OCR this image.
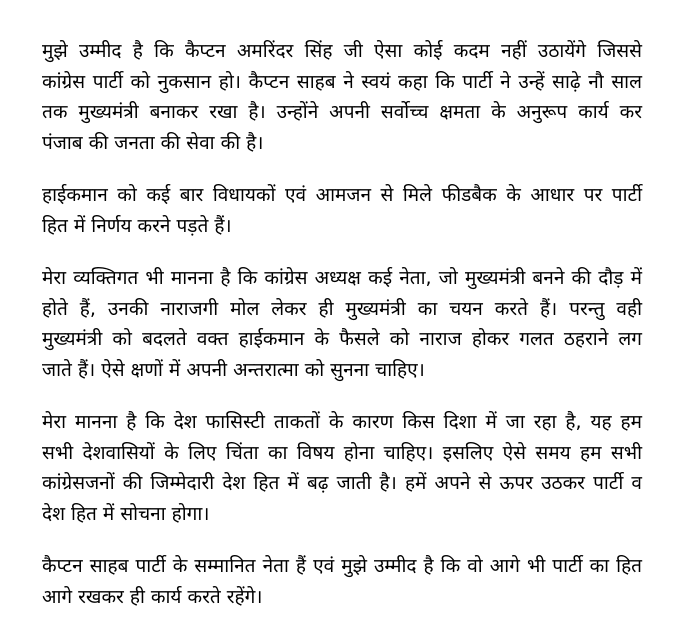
मुझे उम्मीद है कि कैप्टन अमरिंदर सिंह जी ऐसा कोई कदम नहीं उठायेंगे जिससे
कांग्रेस पार्टी को नुकसान हो। कैप्टन साहब ने स्वयं कहा कि पार्टी ने उन्हें साढ़े नौ साल
तक मुख्यमंत्री बनाकर रखा है। उन्होंने अपनी सर्वोच्च क्षमता के अनुरूप कार्य कर
पंजाब की जनता की सेवा की है।

हाईकमान को कई बार विधायकों एवं आमजन से मिले फीडबैक के आधार पर पार्टी
हित में निर्णय करने पड़ते हैं।

मेरा व्यक्तिगत भी मानना है कि कांग्रेस अध्यक्ष कई नेता, जो मुख्यमंत्री बनने की दौड़ में
होते हैं, उनकी नाराजगी मोल लेकर ही मुख्यमंत्री का चयन करते हैं। परन्तु वही
मुख्यमंत्री को बदलते वक्त हाईकमान के फैसले को नाराज होकर गलत ठहराने लग
जाते हैं। ऐसे क्षणों में अपनी अन्तरात्मा को सुनना चाहिए।

मेरा मानना है कि देश फासिस्टी ताकतों के कारण किस दिशा में जा रहा है, यह हम
सभी देशवासियों के लिए चिंता का विषय होना चाहिए। इसलिए ऐसे समय हम सभी
कांग्रेसजनों की जिम्मेदारी देश हित में बढ़ जाती है। हमें अपने से ऊपर उठकर पार्टी व
देश हित में सोचना होगा।

कैप्टन साहब पार्टी के सम्मानित नेता हैं एवं मुझे उम्मीद है कि वो आगे भी पार्टी का हित
आगे रखकर ही कार्य करते रहेंगे।
